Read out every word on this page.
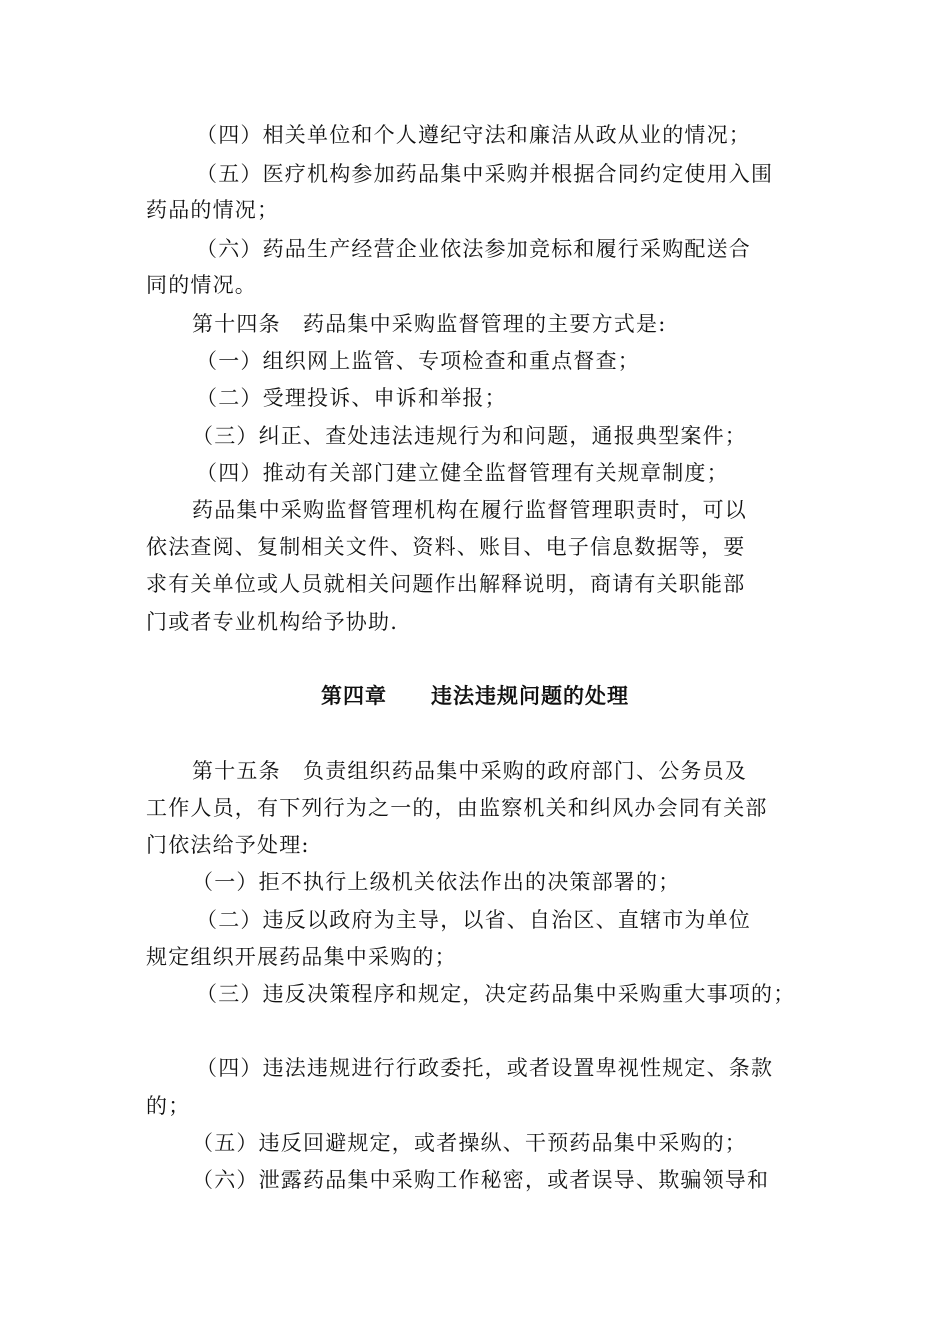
（四）相关单位和个人遵纪守法和廉洁从政从业的情况；

（五）医疗机构参加药品集中采购并根据合同约定使用入围

药品的情况；

（六）药品生产经营企业依法参加竞标和履行采购配送合

同的情况。

第十四条　药品集中采购监督管理的主要方式是:

（一）组织网上监管、专项检查和重点督查；

（二）受理投诉、申诉和举报；

（三）纠正、查处违法违规行为和问题，通报典型案件；

（四）推动有关部门建立健全监督管理有关规章制度；

药品集中采购监督管理机构在履行监督管理职责时，可以

依法查阅、复制相关文件、资料、账目、电子信息数据等，要

求有关单位或人员就相关问题作出解释说明，商请有关职能部

门或者专业机构给予协助.

第四章　　违法违规问题的处理

第十五条　负责组织药品集中采购的政府部门、公务员及

工作人员，有下列行为之一的，由监察机关和纠风办会同有关部

门依法给予处理:

（一）拒不执行上级机关依法作出的决策部署的；

（二）违反以政府为主导，以省、自治区、直辖市为单位

规定组织开展药品集中采购的；

（三）违反决策程序和规定，决定药品集中采购重大事项的；

（四）违法违规进行行政委托，或者设置卑视性规定、条款

的；

（五）违反回避规定，或者操纵、干预药品集中采购的；

（六）泄露药品集中采购工作秘密，或者误导、欺骗领导和
